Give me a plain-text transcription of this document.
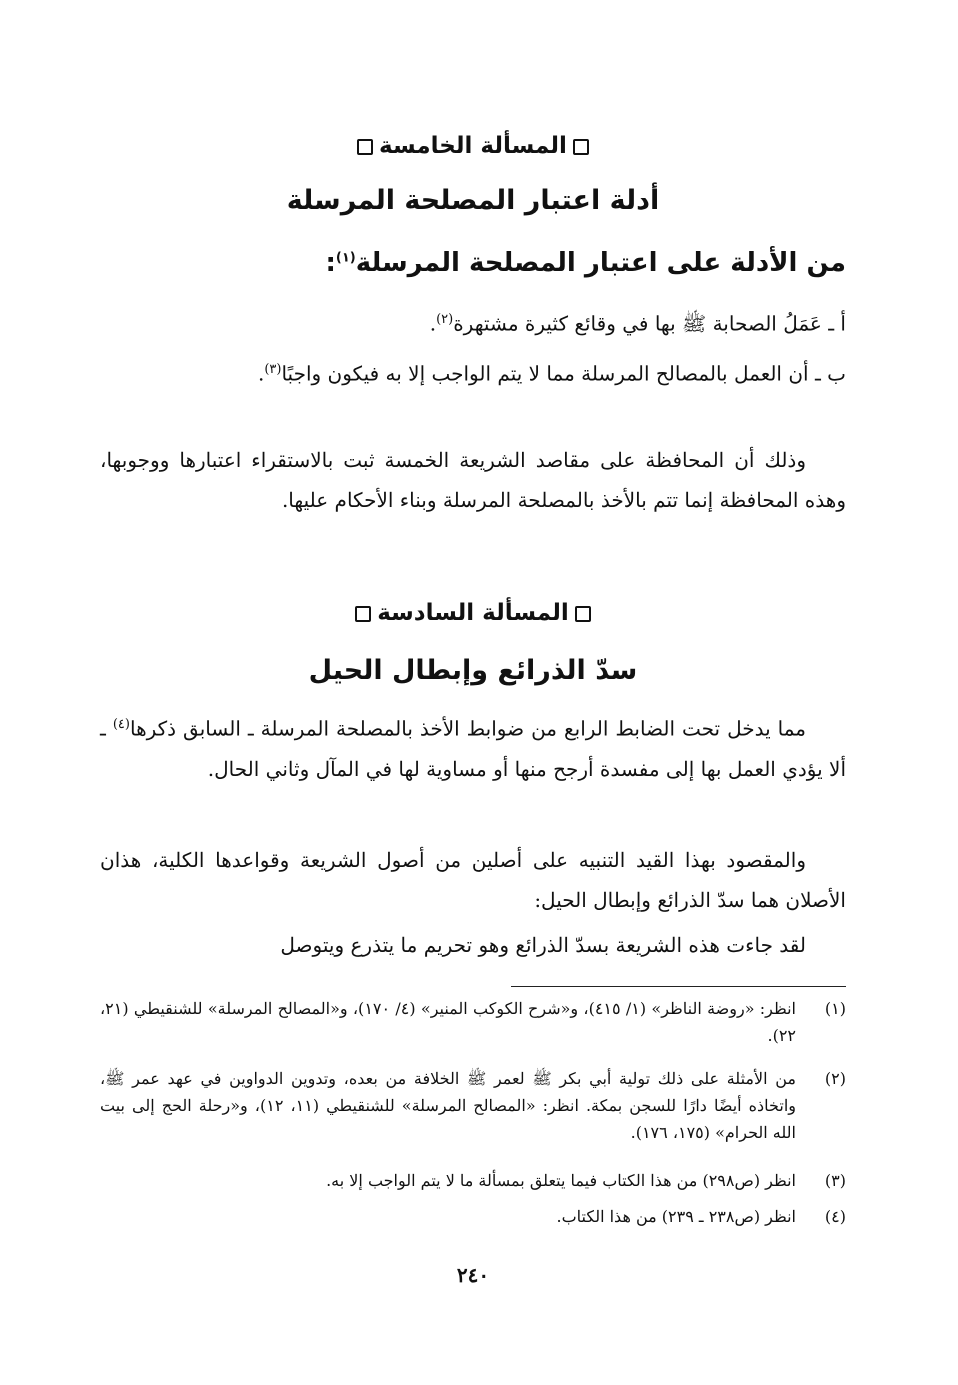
المسألة الخامسة
أدلة اعتبار المصلحة المرسلة
من الأدلة على اعتبار المصلحة المرسلة$^{(١)}$:
أ ـ عَمَلُ الصحابة ﷺ بها في وقائع كثيرة مشتهرة$^{(٢)}$.
ب ـ أن العمل بالمصالح المرسلة مما لا يتم الواجب إلا به فيكون واجبًا$^{(٣)}$.
وذلك أن المحافظة على مقاصد الشريعة الخمسة ثبت بالاستقراء اعتبارها ووجوبها، وهذه المحافظة إنما تتم بالأخذ بالمصلحة المرسلة وبناء الأحكام عليها.
المسألة السادسة
سدّ الذرائع وإبطال الحيل
مما يدخل تحت الضابط الرابع من ضوابط الأخذ بالمصلحة المرسلة ـ السابق ذكرها$^{(٤)}$ ـ ألا يؤدي العمل بها إلى مفسدة أرجح منها أو مساوية لها في المآل وثاني الحال.
والمقصود بهذا القيد التنبيه على أصلين من أصول الشريعة وقواعدها الكلية، هذان الأصلان هما سدّ الذرائع وإبطال الحيل:
لقد جاءت هذه الشريعة بسدّ الذرائع وهو تحريم ما يتذرع ويتوصل
(١)
انظر: «روضة الناظر» (١/ ٤١٥)، و«شرح الكوكب المنير» (٤/ ١٧٠)، و«المصالح المرسلة» للشنقيطي (٢١، ٢٢).
(٢)
من الأمثلة على ذلك تولية أبي بكر ﷺ لعمر ﷺ الخلافة من بعده، وتدوين الدواوين في عهد عمر ﷺ، واتخاذه أيضًا دارًا للسجن بمكة. انظر: «المصالح المرسلة» للشنقيطي (١١، ١٢)، و«رحلة الحج إلى بيت الله الحرام» (١٧٥، ١٧٦).
(٣)
انظر (ص٢٩٨) من هذا الكتاب فيما يتعلق بمسألة ما لا يتم الواجب إلا به.
(٤)
انظر (ص٢٣٨ ـ ٢٣٩) من هذا الكتاب.
٢٤٠
